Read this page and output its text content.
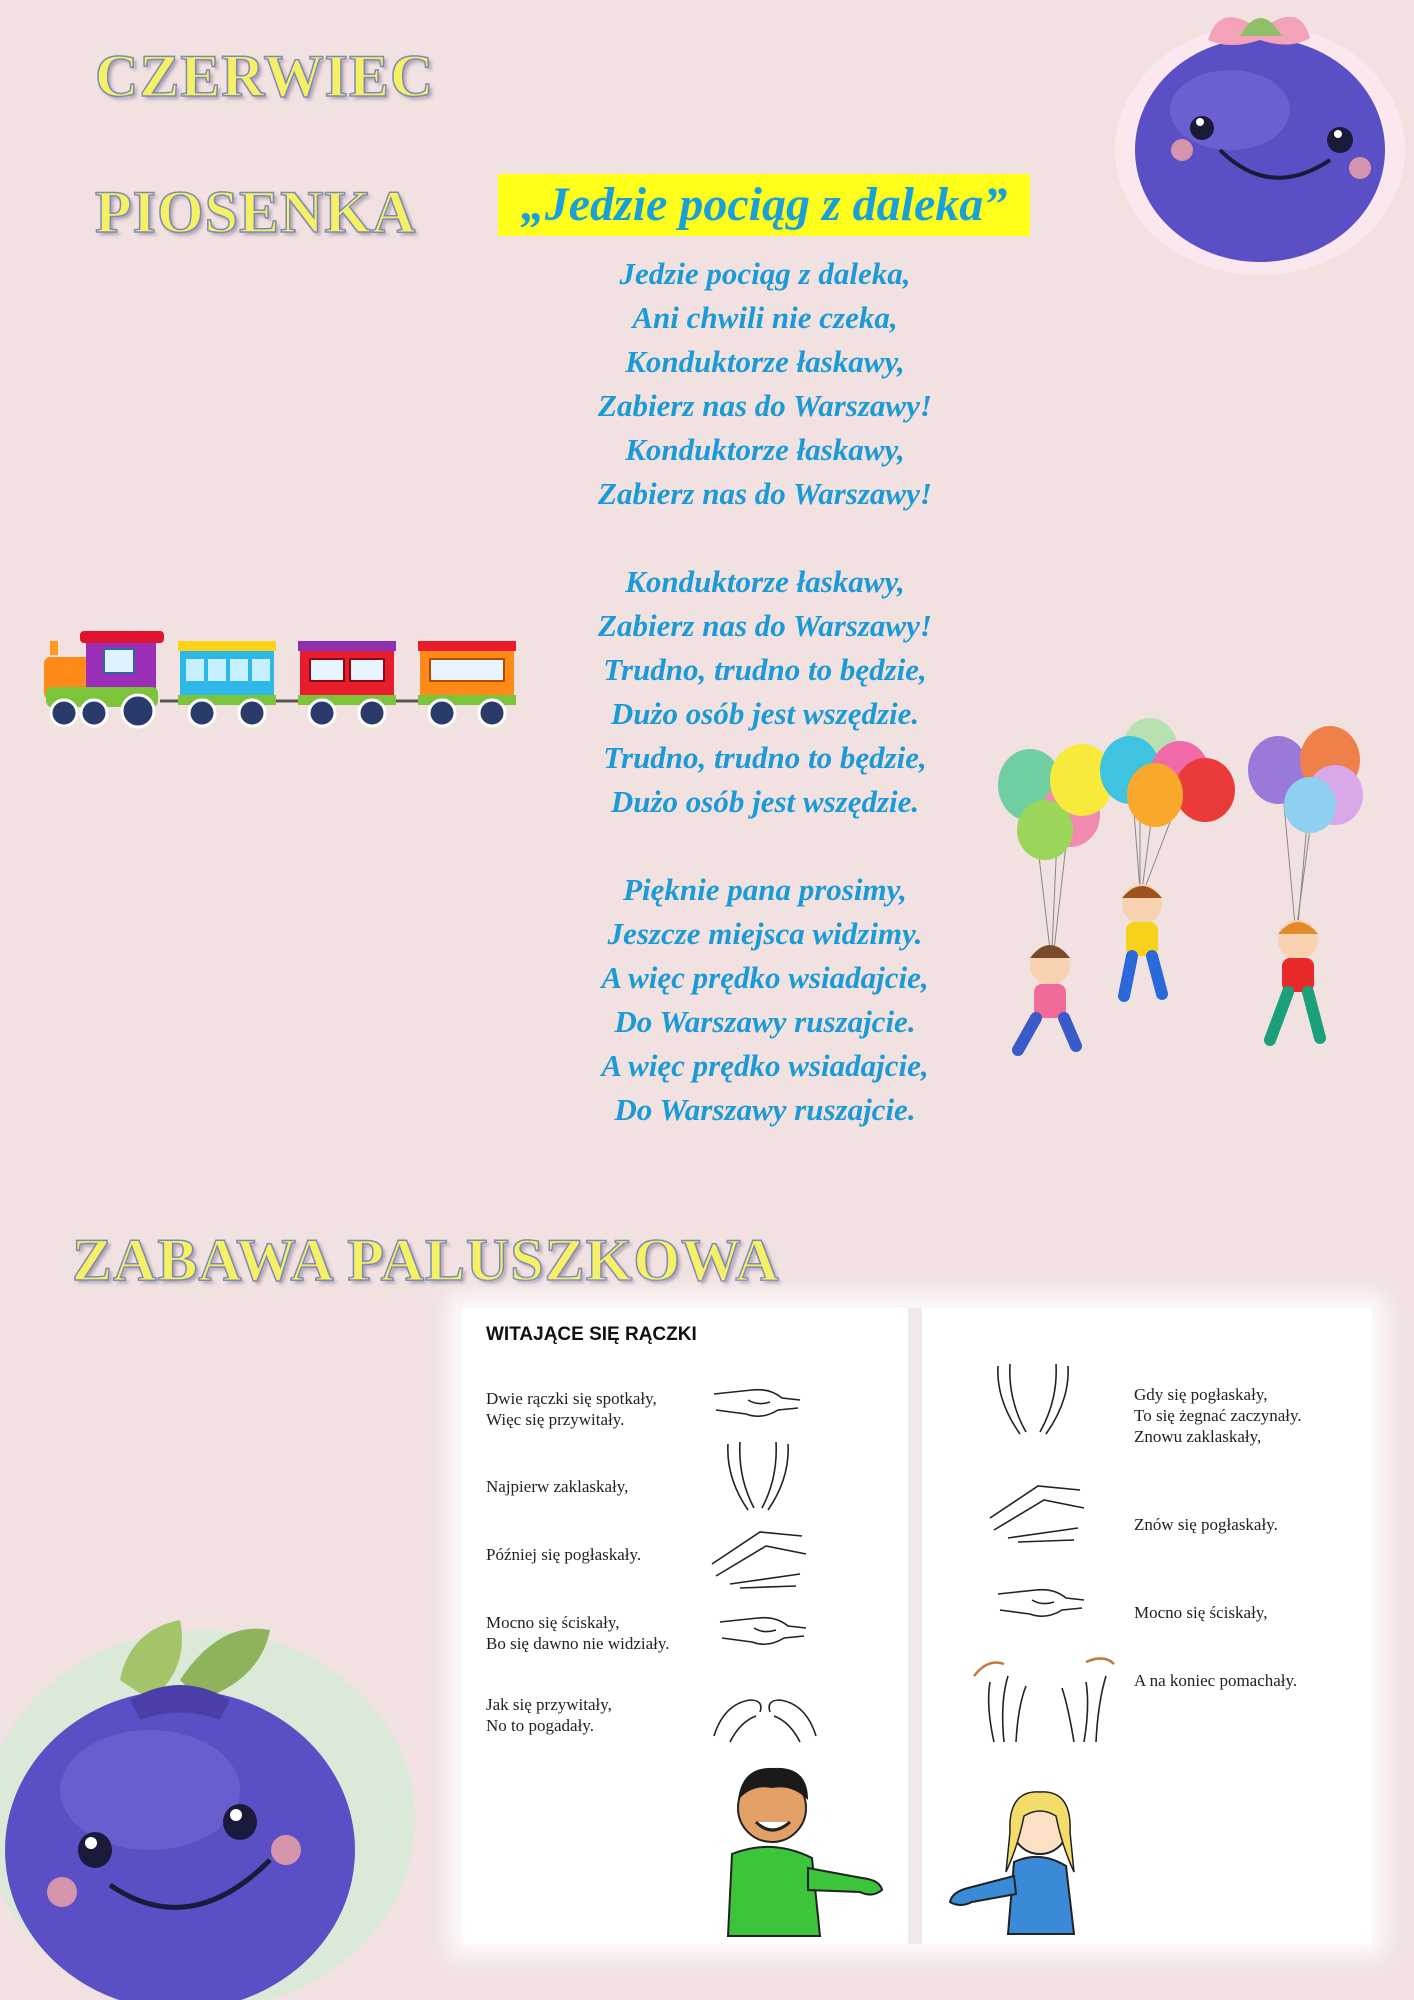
CZERWIEC
PIOSENKA	„Jedzie pociąg z daleka”

Jedzie pociąg z daleka,
Ani chwili nie czeka,
Konduktorze łaskawy,
Zabierz nas do Warszawy!
Konduktorze łaskawy,
Zabierz nas do Warszawy!

Konduktorze łaskawy,
Zabierz nas do Warszawy!
Trudno, trudno to będzie,
Dużo osób jest wszędzie.
Trudno, trudno to będzie,
Dużo osób jest wszędzie.

Pięknie pana prosimy,
Jeszcze miejsca widzimy.
A więc prędko wsiadajcie,
Do Warszawy ruszajcie.
A więc prędko wsiadajcie,
Do Warszawy ruszajcie.

ZABAWA PALUSZKOWA
WITAJĄCE SIĘ RĄCZKI

Dwie rączki się spotkały,
Więc się przywitały.

Najpierw zaklaskały,

Później się pogłaskały.

Mocno się ściskały,
Bo się dawno nie widziały.

Jak się przywitały,
No to pogadały.

Gdy się pogłaskały,
To się żegnać zaczynały.
Znowu zaklaskały,

Znów się pogłaskały.

Mocno się ściskały,

A na koniec pomachały.
